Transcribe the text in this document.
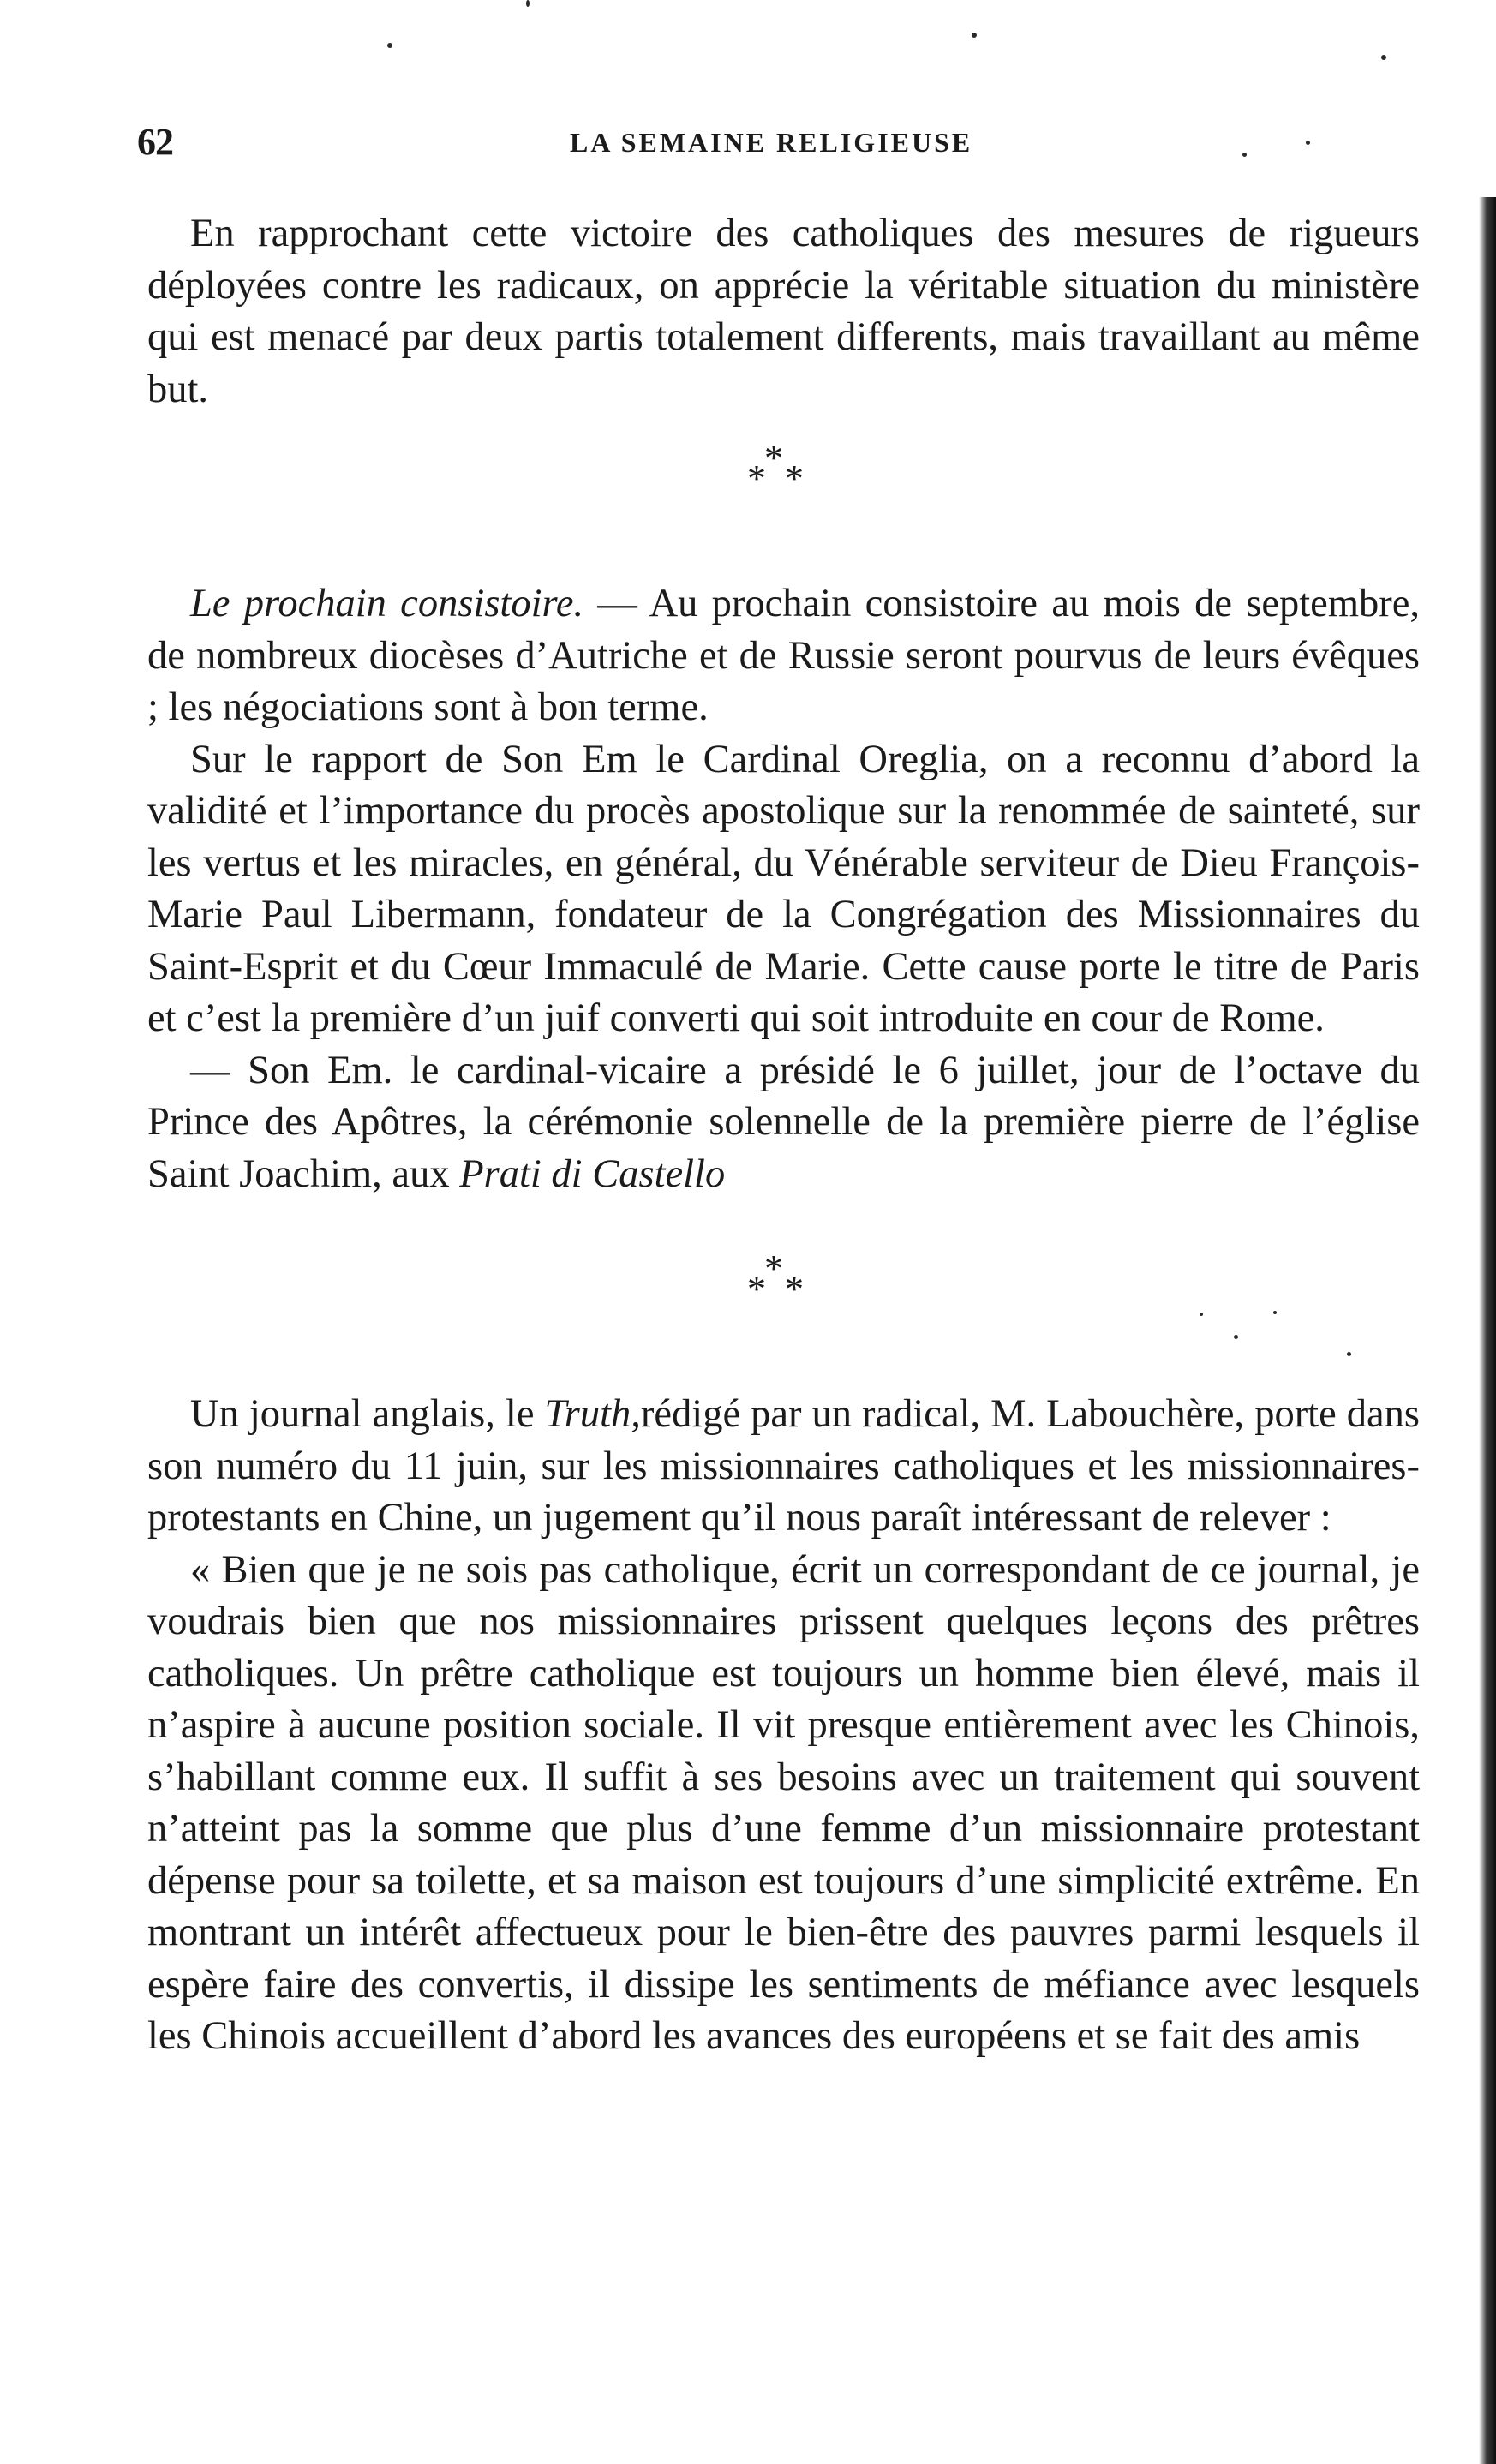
62	LA SEMAINE RELIGIEUSE

En rapprochant cette victoire des catholiques des mesures de rigueurs déployées contre les radicaux, on apprécie la véritable situation du ministère qui est menacé par deux partis totalement differents, mais travaillant au même but.

*
* *

Le prochain consistoire. — Au prochain consistoire au mois de septembre, de nombreux diocèses d’Autriche et de Russie seront pourvus de leurs évêques ; les négociations sont à bon terme.

Sur le rapport de Son Em le Cardinal Oreglia, on a reconnu d’abord la validité et l’importance du procès apostolique sur la renommée de sainteté, sur les vertus et les miracles, en général, du Vénérable serviteur de Dieu François-Marie Paul Libermann, fondateur de la Congrégation des Missionnaires du Saint-Esprit et du Cœur Immaculé de Marie. Cette cause porte le titre de Paris et c’est la première d’un juif converti qui soit introduite en cour de Rome.

— Son Em. le cardinal-vicaire a présidé le 6 juillet, jour de l’octave du Prince des Apôtres, la cérémonie solennelle de la première pierre de l’église Saint Joachim, aux Prati di Castello

*
* *

Un journal anglais, le Truth,rédigé par un radical, M. Labouchère, porte dans son numéro du 11 juin, sur les missionnaires catholiques et les missionnaires-protestants en Chine, un jugement qu’il nous paraît intéressant de relever :

« Bien que je ne sois pas catholique, écrit un correspondant de ce journal, je voudrais bien que nos missionnaires prissent quelques leçons des prêtres catholiques. Un prêtre catholique est toujours un homme bien élevé, mais il n’aspire à aucune position sociale. Il vit presque entièrement avec les Chinois, s’habillant comme eux. Il suffit à ses besoins avec un traitement qui souvent n’atteint pas la somme que plus d’une femme d’un missionnaire protestant dépense pour sa toilette, et sa maison est toujours d’une simplicité extrême. En montrant un intérêt affectueux pour le bien-être des pauvres parmi lesquels il espère faire des convertis, il dissipe les sentiments de méfiance avec lesquels les Chinois accueillent d’abord les avances des européens et se fait des amis
